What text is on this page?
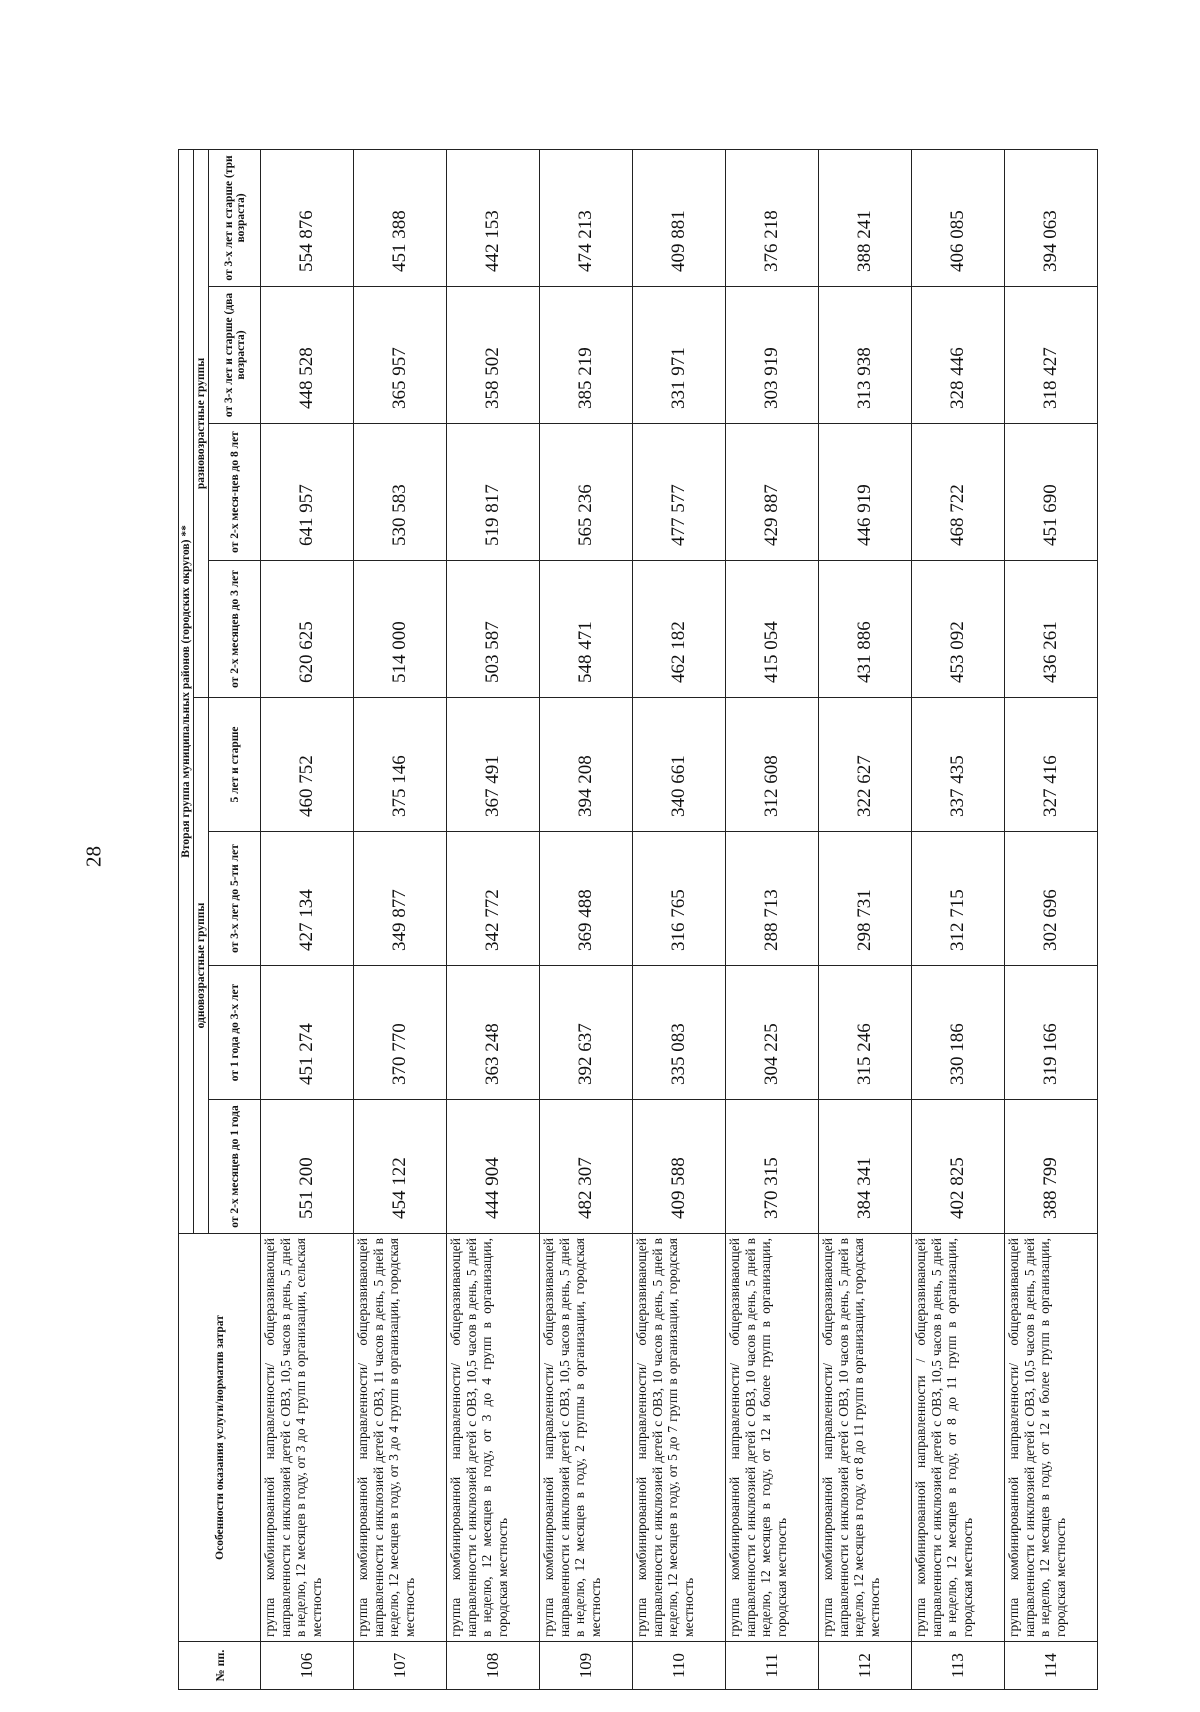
28
№ пп.	Особенности оказания услуги/норматив затрат	Вторая группа муниципальных районов (городских округов) **							
		одновозрастные группы				разновозрастные группы			
		от 2-х месяцев до 1 года	от 1 года до 3-х лет	от 3-х лет до 5-ти лет	5 лет и старше	от 2-х месяцев до 3 лет	от 2-х меся-цев до 8 лет	от 3-х лет и старше (два возраста)	от 3-х лет и старше (три возраста)
106	группа комбинированной направленности/ общеразвивающей направленности с инклюзией детей с ОВЗ, 10,5 часов в день, 5 дней в неделю, 12 месяцев в году, от 3 до 4 групп в организации, сельская местность	551 200	451 274	427 134	460 752	620 625	641 957	448 528	554 876
107	группа комбинированной направленности/ общеразвивающей направленности с инклюзией детей с ОВЗ, 11 часов в день, 5 дней в неделю, 12 месяцев в году, от 3 до 4 групп в организации, городская местность	454 122	370 770	349 877	375 146	514 000	530 583	365 957	451 388
108	группа комбинированной направленности/ общеразвивающей направленности с инклюзией детей с ОВЗ, 10,5 часов в день, 5 дней в неделю, 12 месяцев в году, от 3 до 4 групп в организации, городская местность	444 904	363 248	342 772	367 491	503 587	519 817	358 502	442 153
109	группа комбинированной направленности/ общеразвивающей направленности с инклюзией детей с ОВЗ, 10,5 часов в день, 5 дней в неделю, 12 месяцев в году, 2 группы в организации, городская местность	482 307	392 637	369 488	394 208	548 471	565 236	385 219	474 213
110	группа комбинированной направленности/ общеразвивающей направленности с инклюзией детей с ОВЗ, 10 часов в день, 5 дней в неделю, 12 месяцев в году, от 5 до 7 групп в организации, городская местность	409 588	335 083	316 765	340 661	462 182	477 577	331 971	409 881
111	группа комбинированной направленности/ общеразвивающей направленности с инклюзией детей с ОВЗ, 10 часов в день, 5 дней в неделю, 12 месяцев в году, от 12 и более групп в организации, городская местность	370 315	304 225	288 713	312 608	415 054	429 887	303 919	376 218
112	группа комбинированной направленности/ общеразвивающей направленности с инклюзией детей с ОВЗ, 10 часов в день, 5 дней в неделю, 12 месяцев в году, от 8 до 11 групп в организации, городская местность	384 341	315 246	298 731	322 627	431 886	446 919	313 938	388 241
113	группа комбинированной направленности / общеразвивающей направленности с инклюзией детей с ОВЗ, 10,5 часов в день, 5 дней в неделю, 12 месяцев в году, от 8 до 11 групп в организации, городская местность	402 825	330 186	312 715	337 435	453 092	468 722	328 446	406 085
114	группа комбинированной направленности/ общеразвивающей направленности с инклюзией детей с ОВЗ, 10,5 часов в день, 5 дней в неделю, 12 месяцев в году, от 12 и более групп в организации, городская местность	388 799	319 166	302 696	327 416	436 261	451 690	318 427	394 063
